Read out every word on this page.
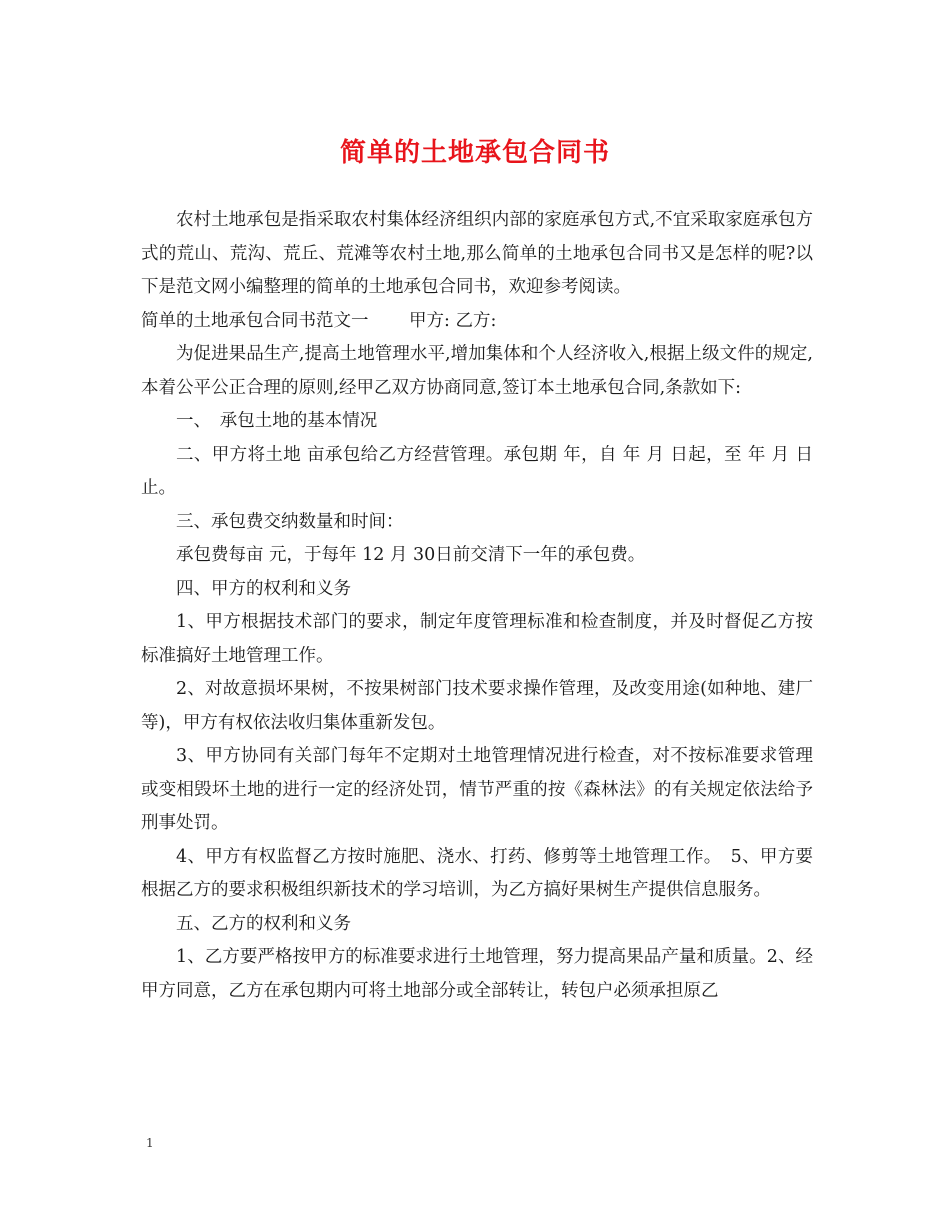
简单的土地承包合同书

农村土地承包是指采取农村集体经济组织内部的家庭承包方式,不宜采取家庭承包方式的荒山、荒沟、荒丘、荒滩等农村土地,那么简单的土地承包合同书又是怎样的呢?以下是范文网小编整理的简单的土地承包合同书，欢迎参考阅读。

简单的土地承包合同书范文一　　 甲方: 乙方:

为促进果品生产,提高土地管理水平,增加集体和个人经济收入,根据上级文件的规定,本着公平公正合理的原则,经甲乙双方协商同意,签订本土地承包合同,条款如下:

一、　承包土地的基本情况

二、甲方将土地 亩承包给乙方经营管理。承包期 年，自 年 月 日起，至 年 月 日止。

三、承包费交纳数量和时间：

承包费每亩 元，于每年 12 月 30日前交清下一年的承包费。

四、甲方的权利和义务

1、甲方根据技术部门的要求，制定年度管理标准和检查制度，并及时督促乙方按标准搞好土地管理工作。

2、对故意损坏果树，不按果树部门技术要求操作管理，及改变用途(如种地、建厂等)，甲方有权依法收归集体重新发包。

3、甲方协同有关部门每年不定期对土地管理情况进行检查，对不按标准要求管理或变相毁坏土地的进行一定的经济处罚，情节严重的按《森林法》的有关规定依法给予刑事处罚。

4、甲方有权监督乙方按时施肥、浇水、打药、修剪等土地管理工作。　5、甲方要根据乙方的要求积极组织新技术的学习培训，为乙方搞好果树生产提供信息服务。

五、乙方的权利和义务

1、乙方要严格按甲方的标准要求进行土地管理，努力提高果品产量和质量。2、经甲方同意，乙方在承包期内可将土地部分或全部转让，转包户必须承担原乙

1
